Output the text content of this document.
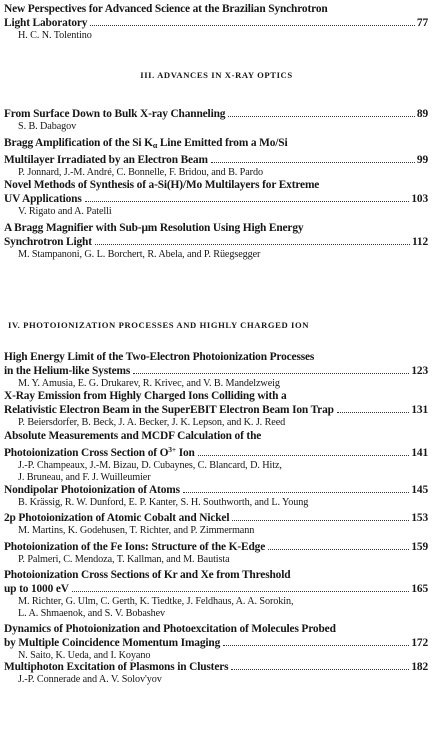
New Perspectives for Advanced Science at the Brazilian Synchrotron
Light Laboratory	77
H. C. N. Tolentino
III. ADVANCES IN X-RAY OPTICS
From Surface Down to Bulk X-ray Channeling	89
S. B. Dabagov
Bragg Amplification of the Si $K_\alpha$ Line Emitted from a Mo/Si
Multilayer Irradiated by an Electron Beam	99
P. Jonnard, J.-M. André, C. Bonnelle, F. Bridou, and B. Pardo
Novel Methods of Synthesis of a-Si(H)/Mo Multilayers for Extreme
UV Applications	103
V. Rigato and A. Patelli
A Bragg Magnifier with Sub-μm Resolution Using High Energy
Synchrotron Light	112
M. Stampanoni, G. L. Borchert, R. Abela, and P. Rüegsegger
IV. PHOTOIONIZATION PROCESSES AND HIGHLY CHARGED ION
High Energy Limit of the Two-Electron Photoionization Processes
in the Helium-like Systems	123
M. Y. Amusia, E. G. Drukarev, R. Krivec, and V. B. Mandelzweig
X-Ray Emission from Highly Charged Ions Colliding with a
Relativistic Electron Beam in the SuperEBIT Electron Beam Ion Trap	131
P. Beiersdorfer, B. Beck, J. A. Becker, J. K. Lepson, and K. J. Reed
Absolute Measurements and MCDF Calculation of the
Photoionization Cross Section of $O^{3+}$ Ion	141
J.-P. Champeaux, J.-M. Bizau, D. Cubaynes, C. Blancard, D. Hitz,
J. Bruneau, and F. J. Wuilleumier
Nondipolar Photoionization of Atoms	145
B. Krässig, R. W. Dunford, E. P. Kanter, S. H. Southworth, and L. Young
2p Photoionization of Atomic Cobalt and Nickel	153
M. Martins, K. Godehusen, T. Richter, and P. Zimmermann
Photoionization of the Fe Ions: Structure of the K-Edge	159
P. Palmeri, C. Mendoza, T. Kallman, and M. Bautista
Photoionization Cross Sections of Kr and Xe from Threshold
up to 1000 eV	165
M. Richter, G. Ulm, C. Gerth, K. Tiedtke, J. Feldhaus, A. A. Sorokin,
L. A. Shmaenok, and S. V. Bobashev
Dynamics of Photoionization and Photoexcitation of Molecules Probed
by Multiple Coincidence Momentum Imaging	172
N. Saito, K. Ueda, and I. Koyano
Multiphoton Excitation of Plasmons in Clusters	182
J.-P. Connerade and A. V. Solov'yov
